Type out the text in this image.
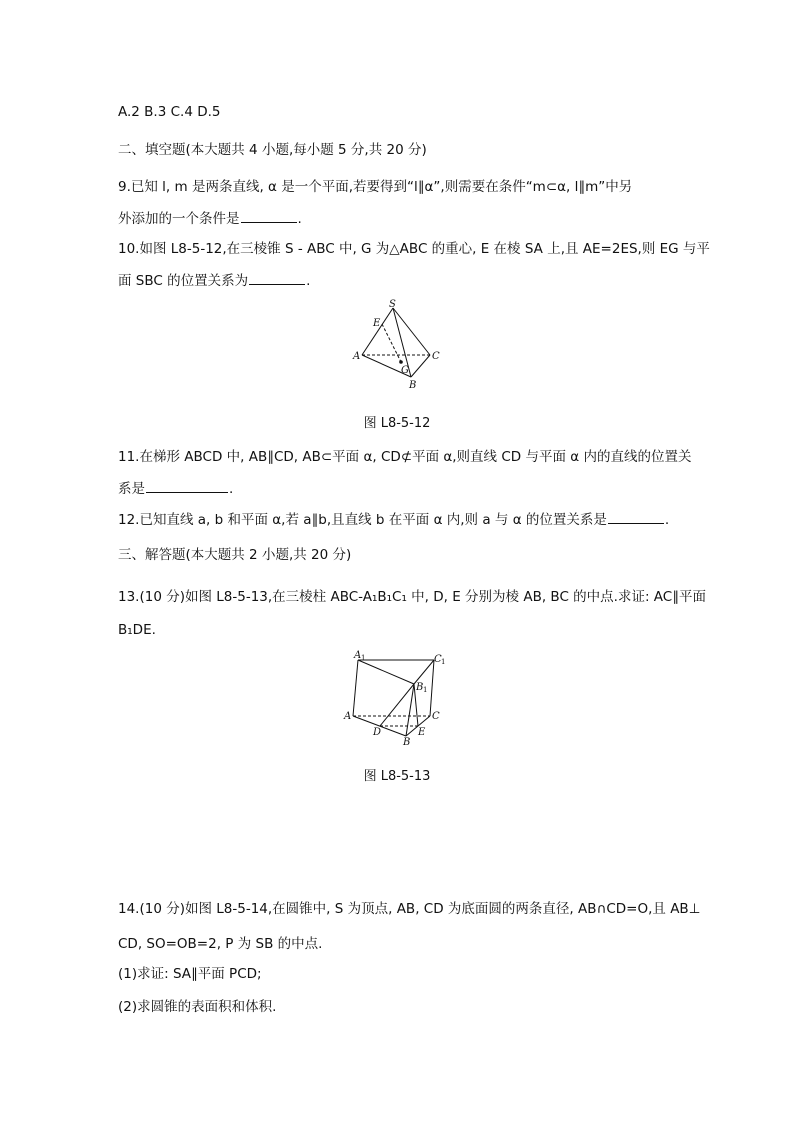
A.2 B.3 C.4 D.5
二、填空题(本大题共 4 小题,每小题 5 分,共 20 分)
9.已知 l, m 是两条直线, α 是一个平面,若要得到“l∥α”,则需要在条件“m⊂α, l∥m”中另
外添加的一个条件是	.
10.如图 L8-5-12,在三棱锥 S - ABC 中, G 为△ABC 的重心, E 在棱 SA 上,且 AE=2ES,则 EG 与平
面 SBC 的位置关系为	.
S
E
A	C
G
B
图 L8-5-12
11.在梯形 ABCD 中, AB∥CD, AB⊂平面 α, CD⊄平面 α,则直线 CD 与平面 α 内的直线的位置关
系是	.
12.已知直线 a, b 和平面 α,若 a∥b,且直线 b 在平面 α 内,则 a 与 α 的位置关系是	.
三、解答题(本大题共 2 小题,共 20 分)
13.(10 分)如图 L8-5-13,在三棱柱 ABC-A₁B₁C₁ 中, D, E 分别为棱 AB, BC 的中点.求证: AC∥平面
B₁DE.
A 1	C 1
B 1
A	C
D	E
B
图 L8-5-13
14.(10 分)如图 L8-5-14,在圆锥中, S 为顶点, AB, CD 为底面圆的两条直径, AB∩CD=O,且 AB⊥
CD, SO=OB=2, P 为 SB 的中点.
(1)求证: SA∥平面 PCD;
(2)求圆锥的表面积和体积.
